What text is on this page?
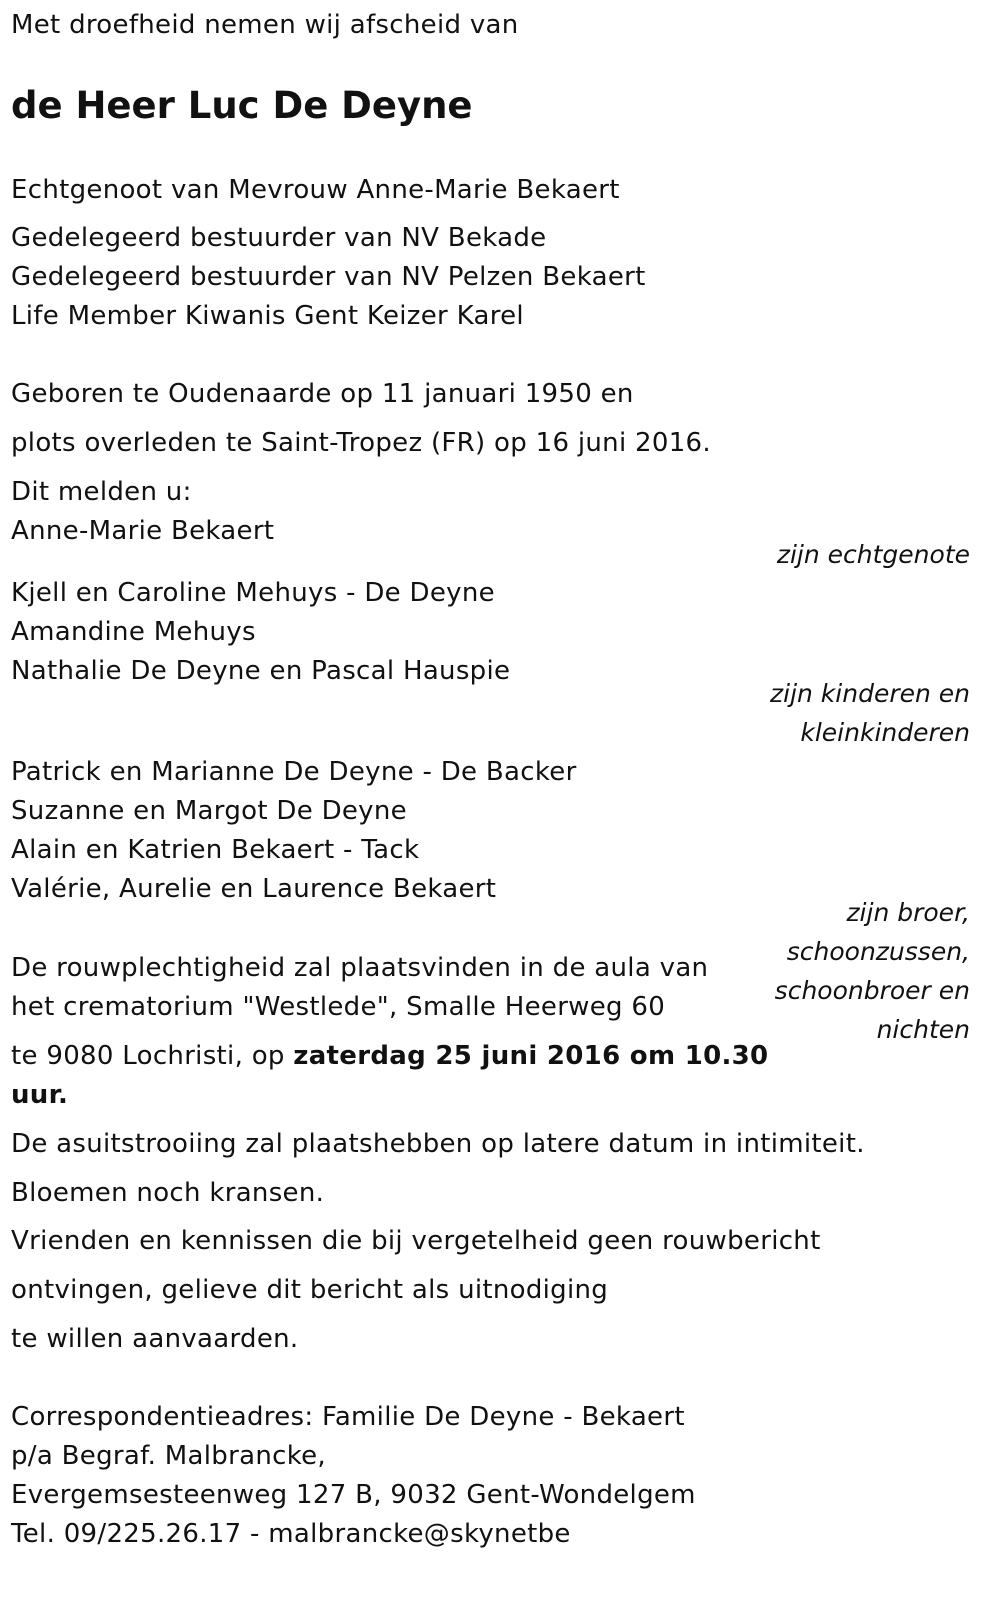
Met droefheid nemen wij afscheid van
de Heer Luc De Deyne
Echtgenoot van Mevrouw Anne-Marie Bekaert
Gedelegeerd bestuurder van NV Bekade
Gedelegeerd bestuurder van NV Pelzen Bekaert
Life Member Kiwanis Gent Keizer Karel
Geboren te Oudenaarde op 11 januari 1950 en
plots overleden te Saint-Tropez (FR) op 16 juni 2016.
Dit melden u:
Anne-Marie Bekaert
zijn echtgenote
Kjell en Caroline Mehuys - De Deyne
Amandine Mehuys
Nathalie De Deyne en Pascal Hauspie
zijn kinderen en
kleinkinderen
Patrick en Marianne De Deyne - De Backer
Suzanne en Margot De Deyne
Alain en Katrien Bekaert - Tack
Valérie, Aurelie en Laurence Bekaert
zijn broer,
schoonzussen,
schoonbroer en
nichten
De rouwplechtigheid zal plaatsvinden in de aula van
het crematorium "Westlede", Smalle Heerweg 60
te 9080 Lochristi, op zaterdag 25 juni 2016 om 10.30
uur.
De asuitstrooiing zal plaatshebben op latere datum in intimiteit.
Bloemen noch kransen.
Vrienden en kennissen die bij vergetelheid geen rouwbericht
ontvingen, gelieve dit bericht als uitnodiging
te willen aanvaarden.
Correspondentieadres: Familie De Deyne - Bekaert
p/a Begraf. Malbrancke,
Evergemsesteenweg 127 B, 9032 Gent-Wondelgem
Tel. 09/225.26.17 - malbrancke@skynetbe
